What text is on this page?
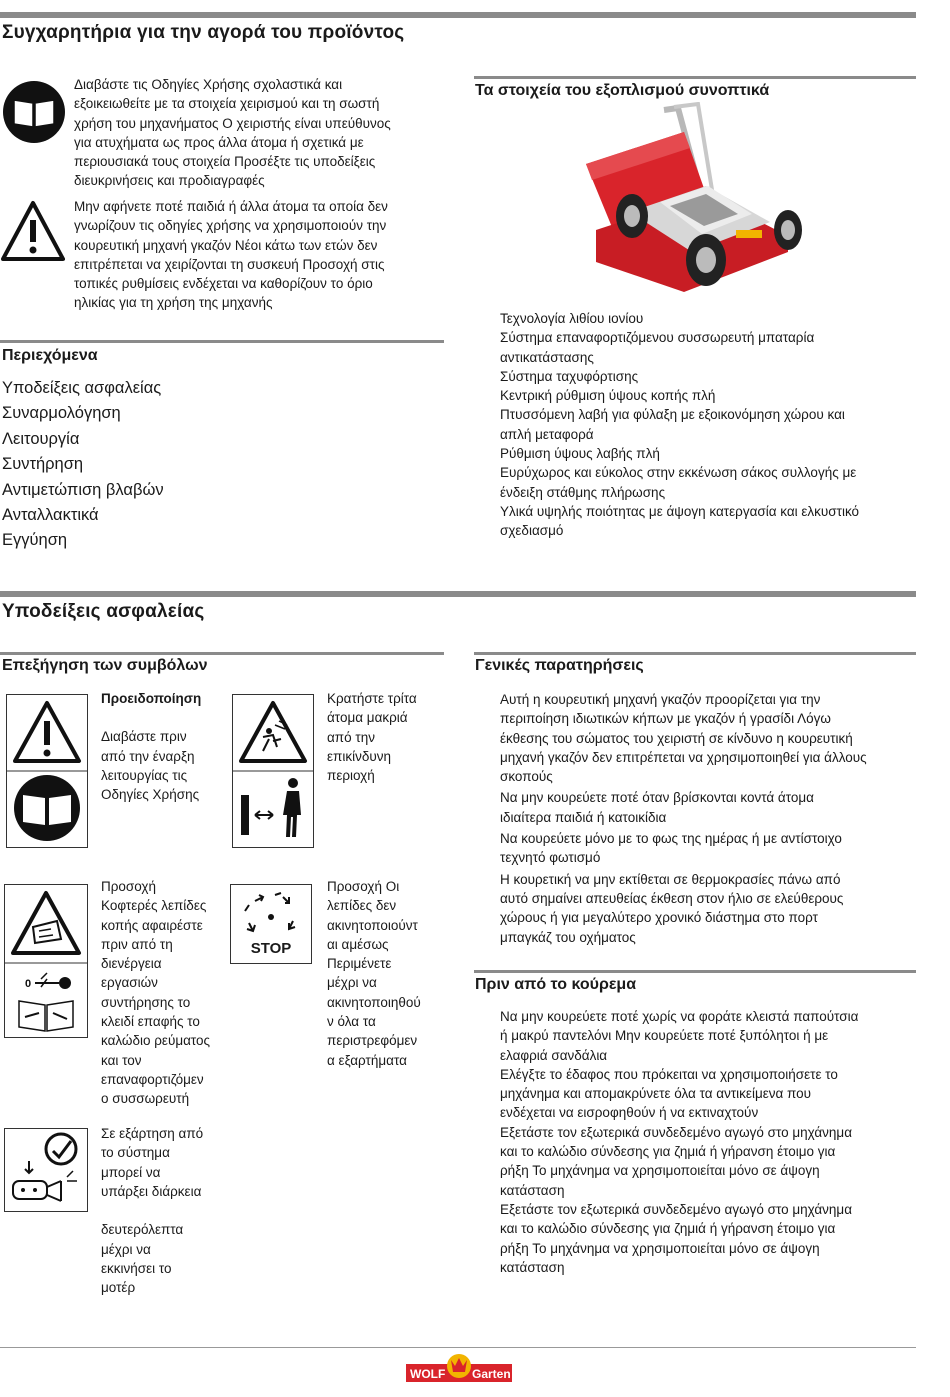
Συγχαρητήρια για την αγορά του προϊόντος
Διαβάστε τις Οδηγίες Χρήσης σχολαστικά και
εξοικειωθείτε με τα στοιχεία χειρισμού και τη σωστή
χρήση του μηχανήματος Ο χειριστής είναι υπεύθυνος
για ατυχήματα ως προς άλλα άτομα ή σχετικά με
περιουσιακά τους στοιχεία Προσέξτε τις υποδείξεις
διευκρινήσεις και προδιαγραφές
Μην αφήνετε ποτέ παιδιά ή άλλα άτομα τα οποία δεν
γνωρίζουν τις οδηγίες χρήσης να χρησιμοποιούν την
κουρευτική μηχανή γκαζόν Νέοι κάτω των ετών δεν
επιτρέπεται να χειρίζονται τη συσκευή Προσοχή στις
τοπικές ρυθμίσεις ενδέχεται να καθορίζουν το όριο
ηλικίας για τη χρήση της μηχανής
Περιεχόμενα
Υποδείξεις ασφαλείας
Συναρμολόγηση
Λειτουργία
Συντήρηση
Αντιμετώπιση βλαβών
Ανταλλακτικά
Εγγύηση
Τα στοιχεία του εξοπλισμού συνοπτικά
Τεχνολογία λιθίου ιονίου
Σύστημα επαναφορτιζόμενου συσσωρευτή μπαταρία
αντικατάστασης
Σύστημα ταχυφόρτισης
Κεντρική ρύθμιση ύψους κοπής πλή
Πτυσσόμενη λαβή για φύλαξη με εξοικονόμηση χώρου και
απλή μεταφορά
Ρύθμιση ύψους λαβής πλή
Ευρύχωρος και εύκολος στην εκκένωση σάκος συλλογής με
ένδειξη στάθμης πλήρωσης
Υλικά υψηλής ποιότητας με άψογη κατεργασία και ελκυστικό
σχεδιασμό
Υποδείξεις ασφαλείας
Επεξήγηση των συμβόλων
Προειδοποίηση
Διαβάστε πριν
από την έναρξη
λειτουργίας τις
Οδηγίες Χρήσης
Κρατήστε τρίτα
άτομα μακριά
από την
επικίνδυνη
περιοχή
0
Προσοχή
Κοφτερές λεπίδες
κοπής αφαιρέστε
πριν από τη
διενέργεια
εργασιών
συντήρησης το
κλειδί επαφής το
καλώδιο ρεύματος
και τον
επαναφορτιζόμεν
ο συσσωρευτή
STOP
Προσοχή Οι
λεπίδες δεν
ακινητοποιούντ
αι αμέσως
Περιμένετε
μέχρι να
ακινητοποιηθού
ν όλα τα
περιστρεφόμεν
α εξαρτήματα
Σε εξάρτηση από
το σύστημα
μπορεί να
υπάρξει διάρκεια
δευτερόλεπτα
μέχρι να
εκκινήσει το
μοτέρ
Γενικές παρατηρήσεις
Αυτή η κουρευτική μηχανή γκαζόν προορίζεται για την
περιποίηση ιδιωτικών κήπων με γκαζόν ή γρασίδι Λόγω
έκθεσης του σώματος του χειριστή σε κίνδυνο η κουρευτική
μηχανή γκαζόν δεν επιτρέπεται να χρησιμοποιηθεί για άλλους
σκοπούς
Να μην κουρεύετε ποτέ όταν βρίσκονται κοντά άτομα
ιδιαίτερα παιδιά ή κατοικίδια
Να κουρεύετε μόνο με το φως της ημέρας ή με αντίστοιχο
τεχνητό φωτισμό
Η κουρετική να μην εκτίθεται σε θερμοκρασίες πάνω από
αυτό σημαίνει απευθείας έκθεση στον ήλιο σε ελεύθερους
χώρους ή για μεγαλύτερο χρονικό διάστημα στο πορτ
μπαγκάζ του οχήματος
Πριν από το κούρεμα
Να μην κουρεύετε ποτέ χωρίς να φοράτε κλειστά παπούτσια
ή μακρύ παντελόνι Μην κουρεύετε ποτέ ξυπόλητοι ή με
ελαφριά σανδάλια
Ελέγξτε το έδαφος που πρόκειται να χρησιμοποιήσετε το
μηχάνημα και απομακρύνετε όλα τα αντικείμενα που
ενδέχεται να εισροφηθούν ή να εκτιναχτούν
Εξετάστε τον εξωτερικά συνδεδεμένο αγωγό στο μηχάνημα
και το καλώδιο σύνδεσης για ζημιά ή γήρανση έτοιμο για
ρήξη Το μηχάνημα να χρησιμοποιείται μόνο σε άψογη
κατάσταση
Εξετάστε τον εξωτερικά συνδεδεμένο αγωγό στο μηχάνημα
και το καλώδιο σύνδεσης για ζημιά ή γήρανση έτοιμο για
ρήξη Το μηχάνημα να χρησιμοποιείται μόνο σε άψογη
κατάσταση
WOLF Garten
